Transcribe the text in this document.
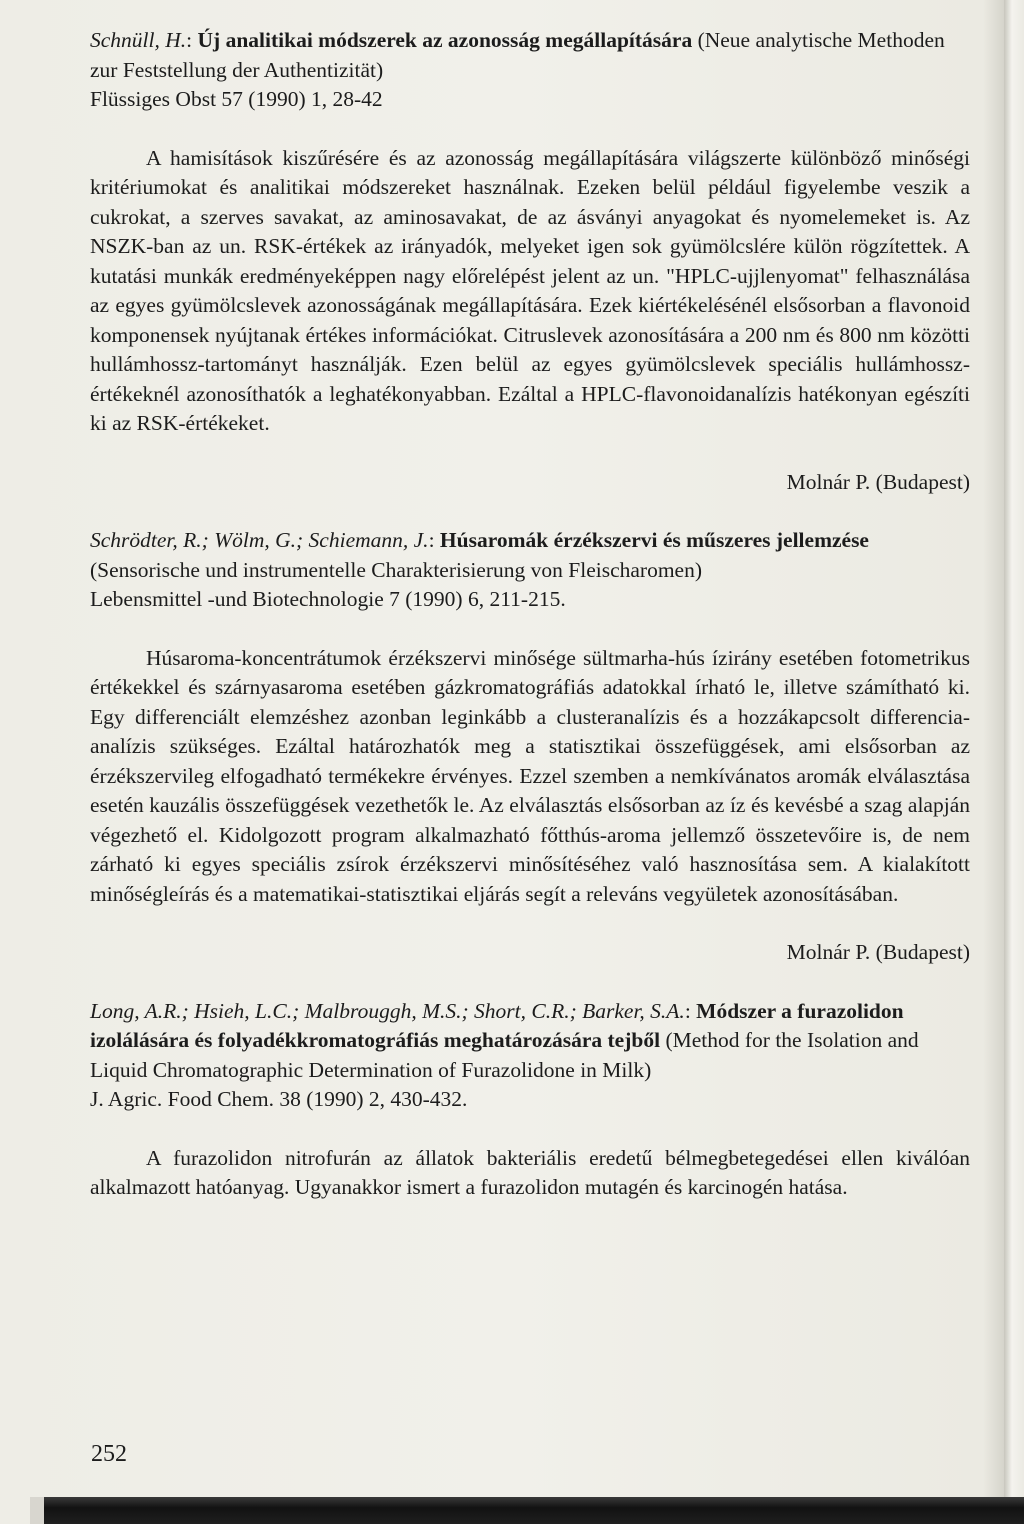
Schnüll, H.: Új analitikai módszerek az azonosság megállapítására (Neue analytische Methoden zur Feststellung der Authentizität)
Flüssiges Obst 57 (1990) 1, 28-42

A hamisítások kiszűrésére és az azonosság megállapítására világszerte különböző minőségi kritériumokat és analitikai módszereket használnak. Ezeken belül például figyelembe veszik a cukrokat, a szerves savakat, az aminosavakat, de az ásványi anyagokat és nyomelemeket is. Az NSZK-ban az un. RSK-értékek az irányadók, melyeket igen sok gyümölcslére külön rögzítettek. A kutatási munkák eredményeképpen nagy előrelépést jelent az un. "HPLC-ujjlenyomat" felhasználása az egyes gyümölcslevek azonosságának megállapítására. Ezek kiértékelésénél elsősorban a flavonoid komponensek nyújtanak értékes információkat. Citruslevek azonosítására a 200 nm és 800 nm közötti hullámhossz-tartományt használják. Ezen belül az egyes gyümölcslevek speciális hullámhossz-értékeknél azonosíthatók a leghatékonyabban. Ezáltal a HPLC-flavonoidanalízis hatékonyan egészíti ki az RSK-értékeket.

Molnár P. (Budapest)

Schrödter, R.; Wölm, G.; Schiemann, J.: Húsaromák érzékszervi és műszeres jellemzése (Sensorische und instrumentelle Charakterisierung von Fleischaromen)
Lebensmittel -und Biotechnologie 7 (1990) 6, 211-215.

Húsaroma-koncentrátumok érzékszervi minősége sültmarha-hús ízirány esetében fotometrikus értékekkel és szárnyasaroma esetében gázkromatográfiás adatokkal írható le, illetve számítható ki. Egy differenciált elemzéshez azonban leginkább a clusteranalízis és a hozzákapcsolt differencia-analízis szükséges. Ezáltal határozhatók meg a statisztikai összefüggések, ami elsősorban az érzékszervileg elfogadható termékekre érvényes. Ezzel szemben a nemkívánatos aromák elválasztása esetén kauzális összefüggések vezethetők le. Az elválasztás elsősorban az íz és kevésbé a szag alapján végezhető el. Kidolgozott program alkalmazható főtthús-aroma jellemző összetevőire is, de nem zárható ki egyes speciális zsírok érzékszervi minősítéséhez való hasznosítása sem. A kialakított minőségleírás és a matematikai-statisztikai eljárás segít a releváns vegyületek azonosításában.

Molnár P. (Budapest)

Long, A.R.; Hsieh, L.C.; Malbrouggh, M.S.; Short, C.R.; Barker, S.A.: Módszer a furazolidon izolálására és folyadékkromatográfiás meghatározására tejből (Method for the Isolation and Liquid Chromatographic Determination of Furazolidone in Milk)
J. Agric. Food Chem. 38 (1990) 2, 430-432.

A furazolidon nitrofurán az állatok bakteriális eredetű bélmegbetegedései ellen kiválóan alkalmazott hatóanyag. Ugyanakkor ismert a furazolidon mutagén és karcinogén hatása.

252
